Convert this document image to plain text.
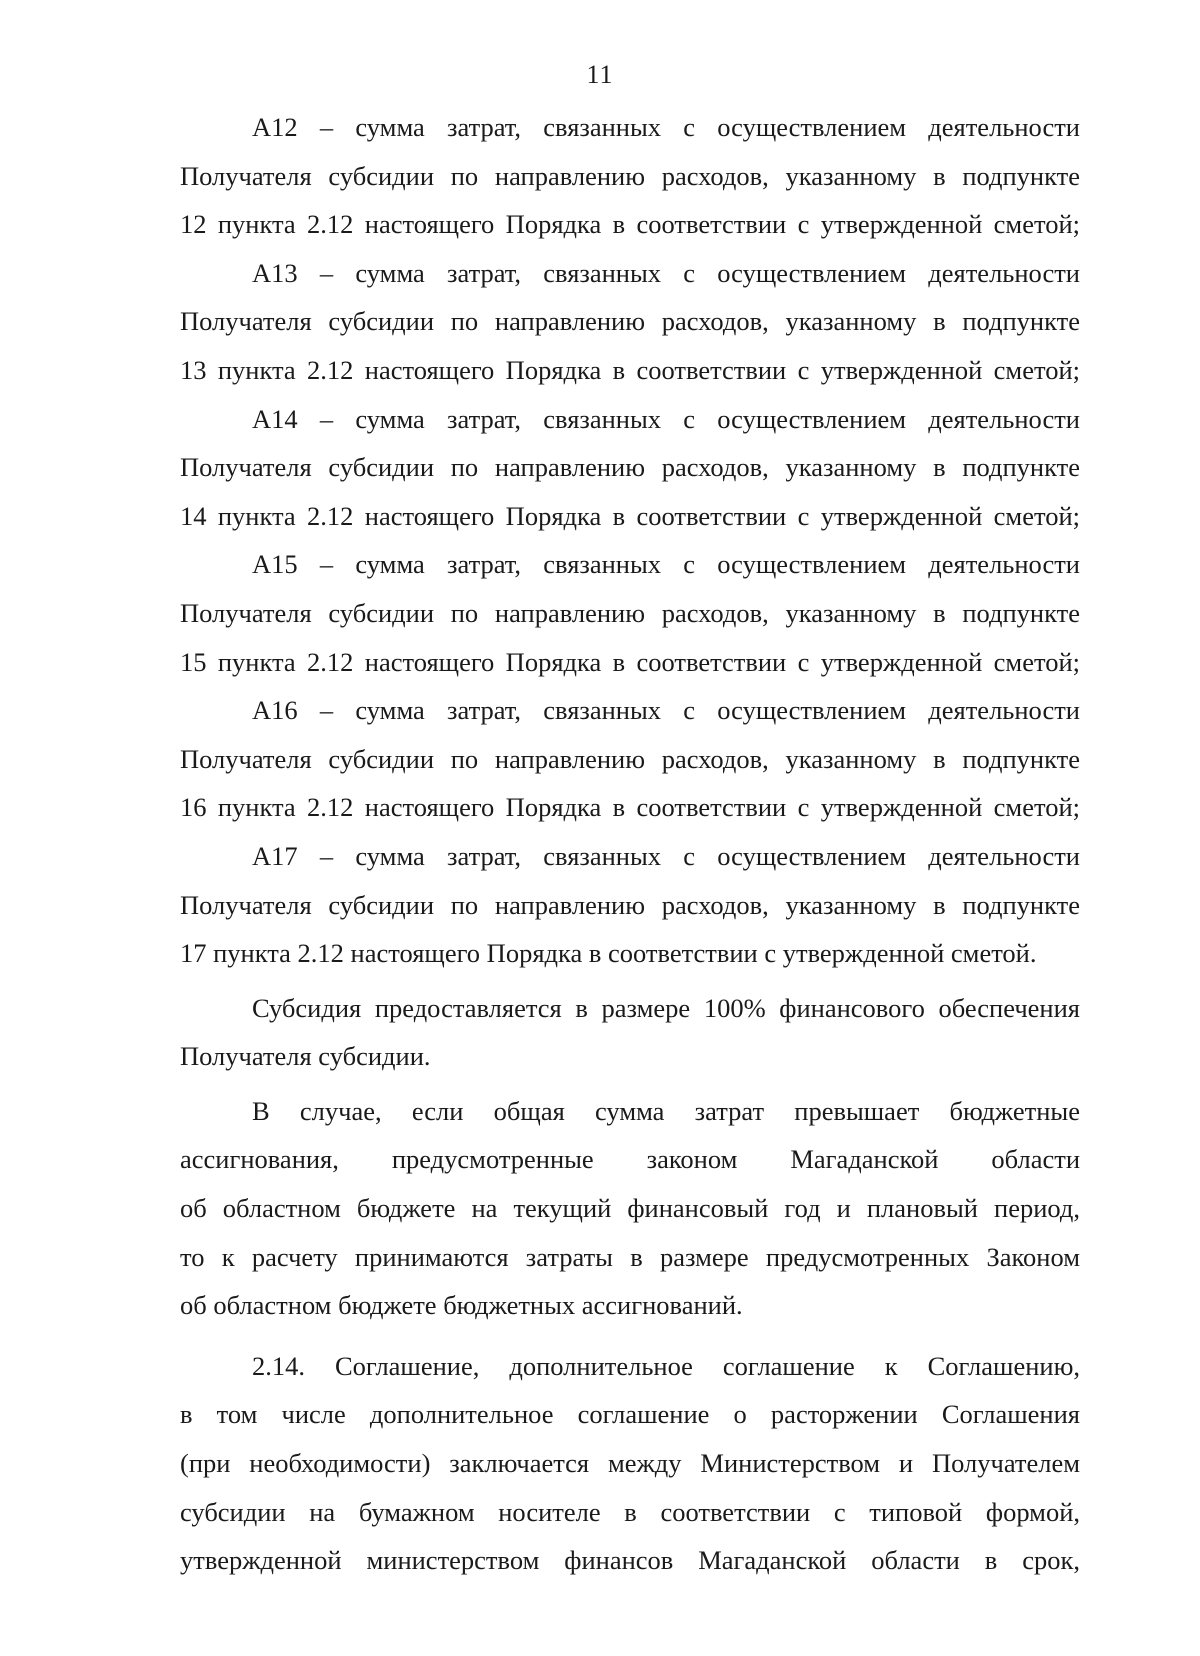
11
А12 – сумма затрат, связанных с осуществлением деятельности
Получателя субсидии по направлению расходов, указанному в подпункте
12 пункта 2.12 настоящего Порядка в соответствии с утвержденной сметой;
А13 – сумма затрат, связанных с осуществлением деятельности
Получателя субсидии по направлению расходов, указанному в подпункте
13 пункта 2.12 настоящего Порядка в соответствии с утвержденной сметой;
А14 – сумма затрат, связанных с осуществлением деятельности
Получателя субсидии по направлению расходов, указанному в подпункте
14 пункта 2.12 настоящего Порядка в соответствии с утвержденной сметой;
А15 – сумма затрат, связанных с осуществлением деятельности
Получателя субсидии по направлению расходов, указанному в подпункте
15 пункта 2.12 настоящего Порядка в соответствии с утвержденной сметой;
А16 – сумма затрат, связанных с осуществлением деятельности
Получателя субсидии по направлению расходов, указанному в подпункте
16 пункта 2.12 настоящего Порядка в соответствии с утвержденной сметой;
А17 – сумма затрат, связанных с осуществлением деятельности
Получателя субсидии по направлению расходов, указанному в подпункте
17 пункта 2.12 настоящего Порядка в соответствии с утвержденной сметой.
Субсидия предоставляется в размере 100% финансового обеспечения
Получателя субсидии.
В случае, если общая сумма затрат превышает бюджетные
ассигнования, предусмотренные законом Магаданской области
об областном бюджете на текущий финансовый год и плановый период,
то к расчету принимаются затраты в размере предусмотренных Законом
об областном бюджете бюджетных ассигнований.
2.14. Соглашение, дополнительное соглашение к Соглашению,
в том числе дополнительное соглашение о расторжении Соглашения
(при необходимости) заключается между Министерством и Получателем
субсидии на бумажном носителе в соответствии с типовой формой,
утвержденной министерством финансов Магаданской области в срок,
